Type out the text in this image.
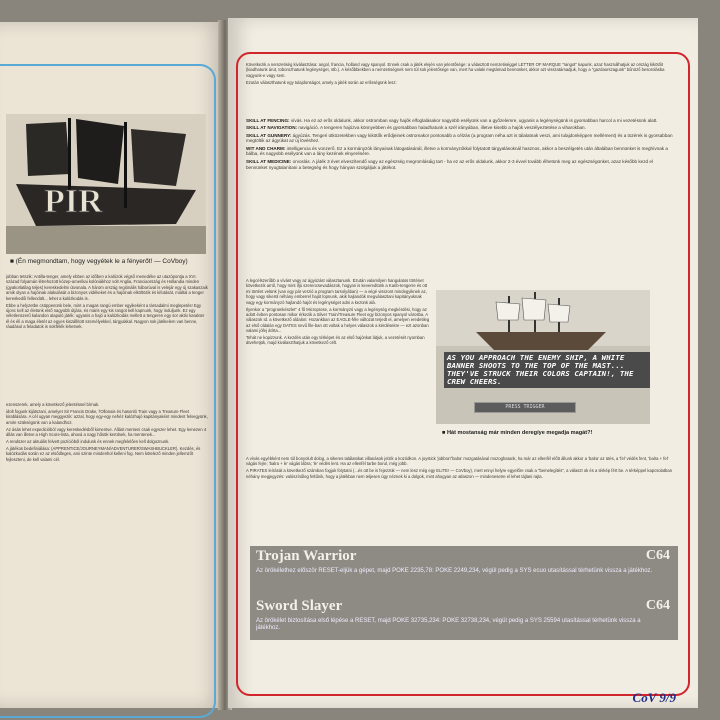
PIR
■ (Én megmondtam, hogy vegyétek le a fényerőt! — CoVboy)

jobban tetszik: Antilla-tenger, amely ebben az időben a kalózok végső menedéke az utazópontja a XVI. század folyamán létrehozott kózep-amerikai kolóniákhoz volt Anglia, Franciaország és Hollandia minden (gyakorlatilag teljes) kereskedelmi útvonala. A három ország regiónális háborúval is velejár egy új szakaszaik amik olyan a hajóinak alakulását a bizonyos vidékeket és a hajóinak elköltözik és kifutását, miáltal a tenger kereskedői fellendült... lehet a kalózkodás is.

Ebbe a helyzetbe csöppenünk bele, mint a magas rangú ember egyikeként a társadalmi meglepetés! Egy újonc kell az életünk első nagyobb útjára, és máris egy kis rangot kell kapnunk, hogy induljunk. Ez egy véletlenszerű kalandon alapuló játék: ugyanis a hajó a kalózkodás mellett a tengeren egy sor aktív karakter él és éli a maga életét az egyes kiszállított személyekkel, tárgyakkal. Nagyon sok játékelem van benne, ráadásul a feladatok is sokfélék lehetnek.

ezenszerek, amely a következő jelentéssel bírnak.

idolt fogunk kijátszani, amelyet Sir Francis Drake, l'Ollonais és hasonló Train vagy a Treasure Fleet kirablására. A cél ugyan meggyezik: azzal, hogy egy-egy nehéz kalózhajó kapitányaként mindent felvegyünk, amire szükségünk van a kalandhoz.

Az ásás lehet expedicióból vagy kereskedésből kimentve. Állást menteni csak egyszer lehet. Egy lemezen 4 állás van illetve a High Score-lista, ahová a nagy hősök kerülnek, ha mentenek...

A rendszer az aktuális felvett pozícióból indulunk és ennek megfelelően kell dolgoznunk.

A játékos bedefiniálása: (APPRENTICE/JOURNEYMAN/ADVENTURER/SWASHBUCKLER). Kezdés, és kalózkodás során ez az elsődleges, ami szinte mindenhol kelleni fog. Nem kötelező minden jellemzőt fejleszteni, de kell valami cél.

Következik a nemzetiség kiválasztása: angol, francia, holland vagy spanyol. Ennek csak a játék elején van jelentősége: a választott nemzetiséggel LETTER OF MARQUE "rangot" kapunk, azaz használhatjuk az ország kikötőit (kiadhatunk árut, toborozhatunk legénységet, stb.). A későbbiekben a nemzetiségnek nem túl sok jelentősége van, mert ha valaki megtámad bennünket, akkor azt visszatámadjuk, hogy a "gazdaorszagunk" bűnöző besorolásba vagyunk-e vagy sem.

Ezután választhatunk egy tulajdonságot, amely a játék során az erősségünk lesz:

SKILL AT FENCING: vívás. Ha ez az erős oldalunk, akkor ostromban vagy hajók elfoglalásakor nagyobb esélyünk van a győzelemre, ugyanis a legénységünk is gyorsabban harcol a mi vezetésünk alatt.

SKILL AT NAVIGATION: navigáció. A tengeren hajózva könnyebben és gyorsabban haladhatunk a szél irányában, illetve kisebb a hajók veszélyeztetése a viharokban.

SKILL AT GUNNERY: ágyúzás. Tengeri ütközetekben vagy kikötők erődjeinek ostromakor pontosabb a célzás (a program néha azt is tálalatnak veszi, ami tulajdonképpen mellément) és a tüzérek is gyorsabban megtöltik az ágyúkat az új lövéshez.

WIT AND CHARM: intelligencia és vonzerő. Ez a kormányzók lányainak látogatásánál, illetve a kormányzókkal folytatott tárgyalásoknál hasznos, akkor a beszélgetés után általában bennünket is meghívnak a bálba, és nagyobb esélyünk van a lány kezének elnyerésére.

SKILL AT MEDICINE: orvoslás. A játék 3 évet elveszítendő vagy az egészség megromlásáig tart - ha ez az erős oldalunk, akkor 2-3 évvel tovább élhetünk meg az egészségünket, azaz később kezd el bennünket nyugtalanítani a betegség és hogy hányan szolgáljuk a játékot.

A legcélszerűbb a vívást vagy az ágyúzást választanunk. Ezután valamilyen hangulatos történet következik arról, hogy mint ifjú szerencsevadászok, hogyan is keveredtünk a Karib-tengerre és ott mi történt velünk (van egy pár verzió a program tarsolyában) — a végé visszont mindegyiknek az, hogy vagy sikerül néhány emberrel hajót lopnunk, akik hajlandók megválasztani kapitányuknak vagy egy kormányzó hajlandó hajót és legénységet adni a kezünk alá.

Ilyenkor a "programkészlet" 4 fő Microprose, a kormányzó vagy a legénység megkérdési, hogy az adott évben pontosan mikor érkezik a Silver Train/Treasure Fleet egy bizonyos spanyol városba. A válaszok Id. a következő oldalon: Hozankban az EAGLE-féle változat terjedt el, amelyen eredetileg az első oldalán egy DATES nevű file-ban ott voltak a helyes válaszok a kérdésekre — ezt azonban valami jófej átírta...

Tehát ne kopizzunk. A kezdés után egy térképet és az első hajónkat látjuk, a vezetését nyomban átvehetjük, majd kiválaszthatjuk a következő célt.

AS YOU APPROACH THE ENEMY SHIP, A WHITE BANNER SHOOTS TO THE TOP OF THE MAST... THEY'VE STRUCK THEIR COLORS CAPTAIN!, THE CREW CHEERS.
PRESS TRIGGER
■ Hát mostanság már minden deregíye megadja magát?!

A vívás egyébként nem túl bonyolult dolog, a sikeres találatokat villanások jelzik a kozódkon. A joystick 'jobbra'/'balra' mozgatásával mozoghatunk, ha már az ellenfél előtt állunk akkor a 'balra' az ütés, a 'fel' védés fent, 'balra + fel' vágás fejre; 'balra + le' vágás lábra; 'le' védés lent. Ha az ellenfél tarbe borul, még jobb.

A PIRATES leírását a következő számban fogjuk folytatni (...és ott be is fejezzük — nem lesz még egy ELITE! — CoVboy), mert ennyi helyre egyelőre csak a "bemelegítés", a választ ok és a térkép fért be. A térképpel kapcsolatban néhány megjegyzés: valószínűleg feltűnik, hogy a játékban nem teljesen úgy néznek ki a dolgok, mint ahogyan az atlaszon — mindenesetre el lehet tájlani rajta.

Trojan Warrior	C64
Az örökélethez először RESET-eljük a gépet, majd POKE 2235,78: POKE 2249,234, végül pedig a SYS ecuo utasítással térhetünk vissza a játékhoz.
Sword Slayer	C64
Az örökélet biztosítása első lépése a RESET, majd POKE 32735,234: POKE 32738,234, végül pedig a SYS 25594 utasítással térhetünk vissza a játékhoz.
CoV 9/9
